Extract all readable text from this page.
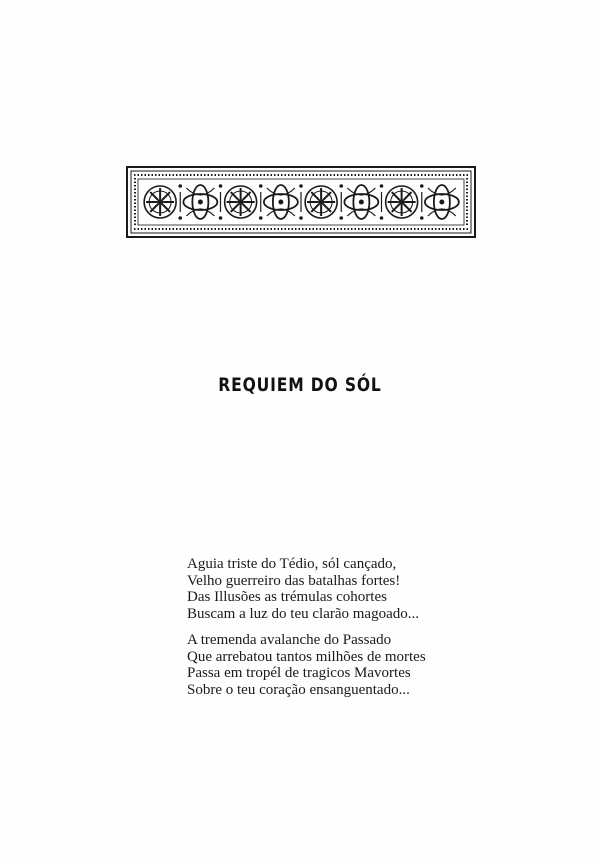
REQUIEM DO SÓL
Aguia triste do Tédio, sól cançado,
Velho guerreiro das batalhas fortes!
Das Illusões as trémulas cohortes
Buscam a luz do teu clarão magoado...
A tremenda avalanche do Passado
Que arrebatou tantos milhões de mortes
Passa em tropél de tragicos Mavortes
Sobre o teu coração ensanguentado...
